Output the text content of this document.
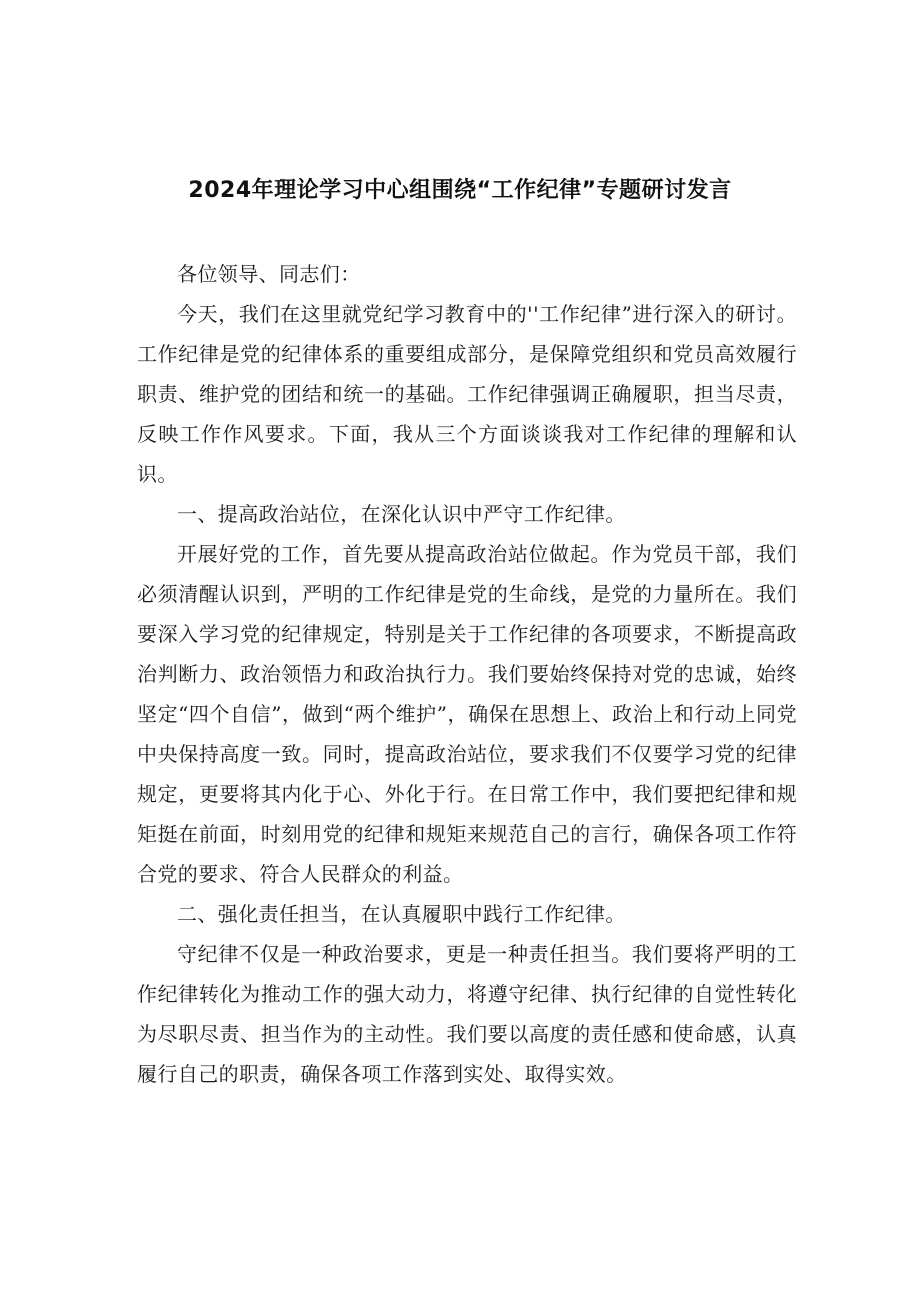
2024年理论学习中心组围绕“工作纪律”专题研讨发言

各位领导、同志们：

今天，我们在这里就党纪学习教育中的''工作纪律”进行深入的研讨。工作纪律是党的纪律体系的重要组成部分，是保障党组织和党员高效履行职责、维护党的团结和统一的基础。工作纪律强调正确履职，担当尽责，反映工作作风要求。下面，我从三个方面谈谈我对工作纪律的理解和认识。

一、提高政治站位，在深化认识中严守工作纪律。

开展好党的工作，首先要从提高政治站位做起。作为党员干部，我们必须清醒认识到，严明的工作纪律是党的生命线，是党的力量所在。我们要深入学习党的纪律规定，特别是关于工作纪律的各项要求，不断提高政治判断力、政治领悟力和政治执行力。我们要始终保持对党的忠诚，始终坚定“四个自信”，做到“两个维护”，确保在思想上、政治上和行动上同党中央保持高度一致。同时，提高政治站位，要求我们不仅要学习党的纪律规定，更要将其内化于心、外化于行。在日常工作中，我们要把纪律和规矩挺在前面，时刻用党的纪律和规矩来规范自己的言行，确保各项工作符合党的要求、符合人民群众的利益。

二、强化责任担当，在认真履职中践行工作纪律。

守纪律不仅是一种政治要求，更是一种责任担当。我们要将严明的工作纪律转化为推动工作的强大动力，将遵守纪律、执行纪律的自觉性转化为尽职尽责、担当作为的主动性。我们要以高度的责任感和使命感，认真履行自己的职责，确保各项工作落到实处、取得实效。
